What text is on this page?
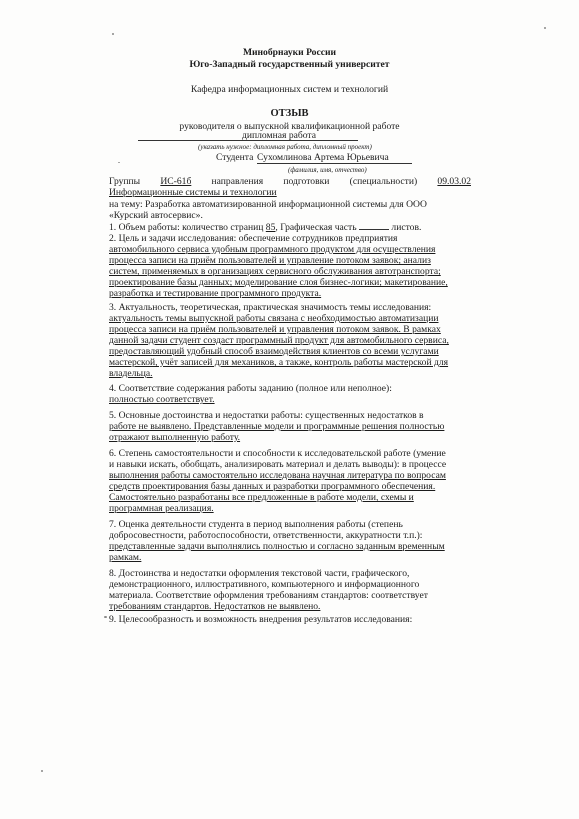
Минобрнауки России
Юго-Западный государственный университет
Кафедра информационных систем и технологий
ОТЗЫВ
руководителя о выпускной квалификационной работе
дипломная работа
(указать нужное: дипломная работа, дипломный проект)
Студента Сухомлинова Артема Юрьевича
(фамилия, имя, отчество)
Группы ИС-61б направления подготовки (специальности) 09.03.02
Информационные системы и технологии
на тему: Разработка автоматизированной информационной системы для ООО
«Курский автосервис».
1. Объем работы: количество страниц 85, Графическая часть	листов.
2. Цель и задачи исследования: обеспечение сотрудников предприятия
автомобильного сервиса удобным программного продуктом для осуществления
процесса записи на приём пользователей и управление потоком заявок; анализ
систем, применяемых в организациях сервисного обслуживания автотранспорта;
проектирование базы данных; моделирование слоя бизнес-логики; макетирование,
разработка и тестирование программного продукта.
3. Актуальность, теоретическая, практическая значимость темы исследования:
актуальность темы выпускной работы связана с необходимостью автоматизации
процесса записи на приём пользователей и управления потоком заявок. В рамках
данной задачи студент создаст программный продукт для автомобильного сервиса,
предоставляющий удобный способ взаимодействия клиентов со всеми услугами
мастерской, учёт записей для механиков, а также, контроль работы мастерской для
владельца.
4. Соответствие содержания работы заданию (полное или неполное):
полностью соответствует.
5. Основные достоинства и недостатки работы: существенных недостатков в
работе не выявлено. Представленные модели и программные решения полностью
отражают выполненную работу.
6. Степень самостоятельности и способности к исследовательской работе (умение
и навыки искать, обобщать, анализировать материал и делать выводы): в процессе
выполнения работы самостоятельно исследована научная литература по вопросам
средств проектирования базы данных и разработки программного обеспечения.
Самостоятельно разработаны все предложенные в работе модели, схемы и
программная реализация.
7. Оценка деятельности студента в период выполнения работы (степень
добросовестности, работоспособности, ответственности, аккуратности т.п.):
представленные задачи выполнялись полностью и согласно заданным временным
рамкам.
8. Достоинства и недостатки оформления текстовой части, графического,
демонстрационного, иллюстративного, компьютерного и информационного
материала. Соответствие оформления требованиям стандартов: соответствует
требованиям стандартов. Недостатков не выявлено.
9. Целесообразность и возможность внедрения результатов исследования:
